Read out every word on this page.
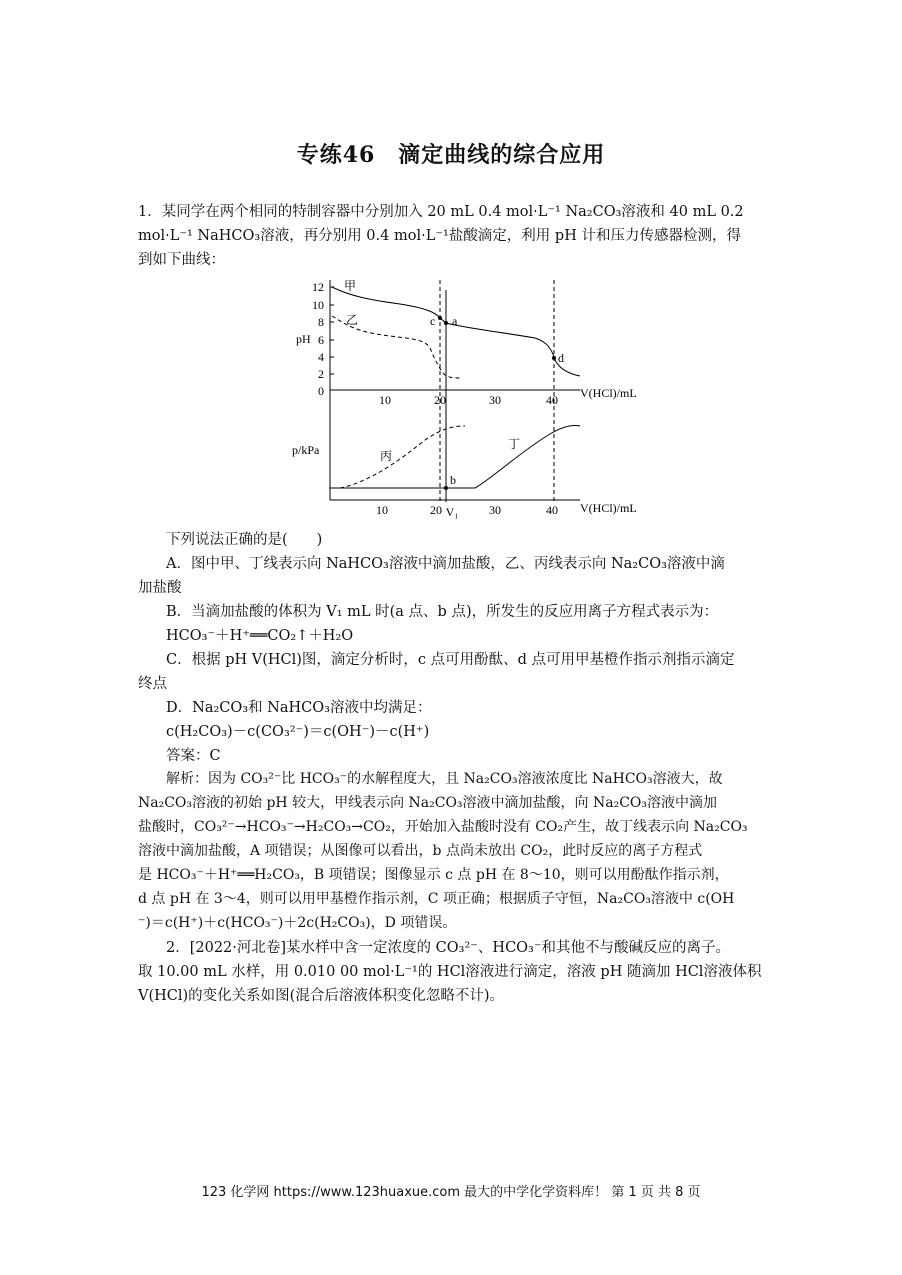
专练46　滴定曲线的综合应用
1．某同学在两个相同的特制容器中分别加入 20 mL 0.4 mol·L⁻¹ Na₂CO₃溶液和 40 mL 0.2
mol·L⁻¹ NaHCO₃溶液，再分别用 0.4 mol·L⁻¹盐酸滴定，利用 pH 计和压力传感器检测，得
到如下曲线：
12
10
8
6
4
2
0
pH
10	20	30	40 V(HCl)/mL
甲
乙	c a
d
p/kPa	丙
丁
b
10	20 V₁	30	40 V(HCl)/mL
下列说法正确的是(　　)
A．图中甲、丁线表示向 NaHCO₃溶液中滴加盐酸，乙、丙线表示向 Na₂CO₃溶液中滴
加盐酸
B．当滴加盐酸的体积为 V₁ mL 时(a 点、b 点)，所发生的反应用离子方程式表示为：
HCO₃⁻＋H⁺══CO₂↑＋H₂O
C．根据 pH V(HCl)图，滴定分析时，c 点可用酚酞、d 点可用甲基橙作指示剂指示滴定
终点
D．Na₂CO₃和 NaHCO₃溶液中均满足：
c(H₂CO₃)－c(CO₃²⁻)＝c(OH⁻)－c(H⁺)
答案：C
解析：因为 CO₃²⁻比 HCO₃⁻的水解程度大，且 Na₂CO₃溶液浓度比 NaHCO₃溶液大，故
Na₂CO₃溶液的初始 pH 较大，甲线表示向 Na₂CO₃溶液中滴加盐酸，向 Na₂CO₃溶液中滴加
盐酸时，CO₃²⁻→HCO₃⁻→H₂CO₃→CO₂，开始加入盐酸时没有 CO₂产生，故丁线表示向 Na₂CO₃
溶液中滴加盐酸，A 项错误；从图像可以看出，b 点尚未放出 CO₂，此时反应的离子方程式
是 HCO₃⁻＋H⁺══H₂CO₃，B 项错误；图像显示 c 点 pH 在 8～10，则可以用酚酞作指示剂，
d 点 pH 在 3～4，则可以用甲基橙作指示剂，C 项正确；根据质子守恒，Na₂CO₃溶液中 c(OH
⁻)＝c(H⁺)＋c(HCO₃⁻)＋2c(H₂CO₃)，D 项错误。
2．[2022·河北卷]某水样中含一定浓度的 CO₃²⁻、HCO₃⁻和其他不与酸碱反应的离子。
取 10.00 mL 水样，用 0.010 00 mol·L⁻¹的 HCl溶液进行滴定，溶液 pH 随滴加 HCl溶液体积
V(HCl)的变化关系如图(混合后溶液体积变化忽略不计)。
123 化学网 https://www.123huaxue.com 最大的中学化学资料库！ 第 1 页 共 8 页
